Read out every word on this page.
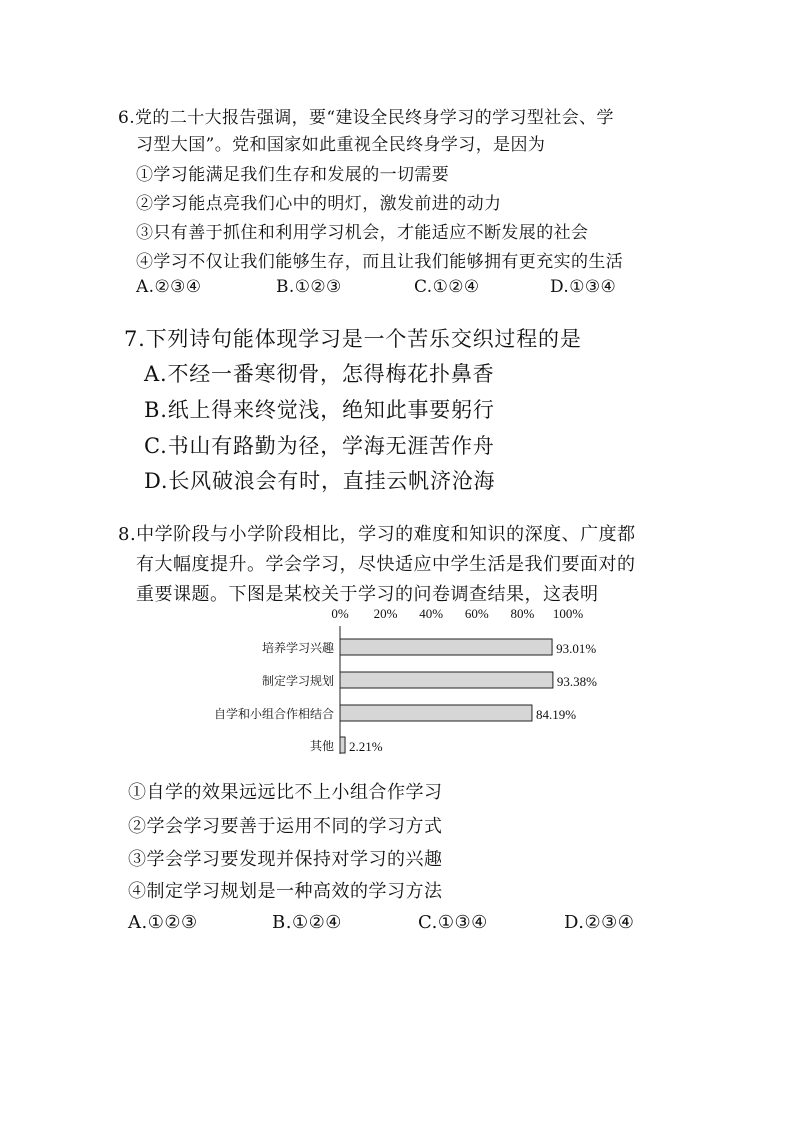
6.党的二十大报告强调，要“建设全民终身学习的学习型社会、学
习型大国”。党和国家如此重视全民终身学习，是因为
①学习能满足我们生存和发展的一切需要
②学习能点亮我们心中的明灯，激发前进的动力
③只有善于抓住和利用学习机会，才能适应不断发展的社会
④学习不仅让我们能够生存，而且让我们能够拥有更充实的生活
A.②③④	B.①②③	C.①②④	D.①③④
7.下列诗句能体现学习是一个苦乐交织过程的是
A.不经一番寒彻骨，怎得梅花扑鼻香
B.纸上得来终觉浅，绝知此事要躬行
C.书山有路勤为径，学海无涯苦作舟
D.长风破浪会有时，直挂云帆济沧海
8.中学阶段与小学阶段相比，学习的难度和知识的深度、广度都
有大幅度提升。学会学习，尽快适应中学生活是我们要面对的
重要课题。下图是某校关于学习的问卷调查结果，这表明
0% 20% 40% 60% 80% 100%
培养学习兴趣	93.01%
制定学习规划	93.38%
自学和小组合作相结合	84.19%
其他 2.21%
①自学的效果远远比不上小组合作学习
②学会学习要善于运用不同的学习方式
③学会学习要发现并保持对学习的兴趣
④制定学习规划是一种高效的学习方法
A.①②③	B.①②④	C.①③④	D.②③④
